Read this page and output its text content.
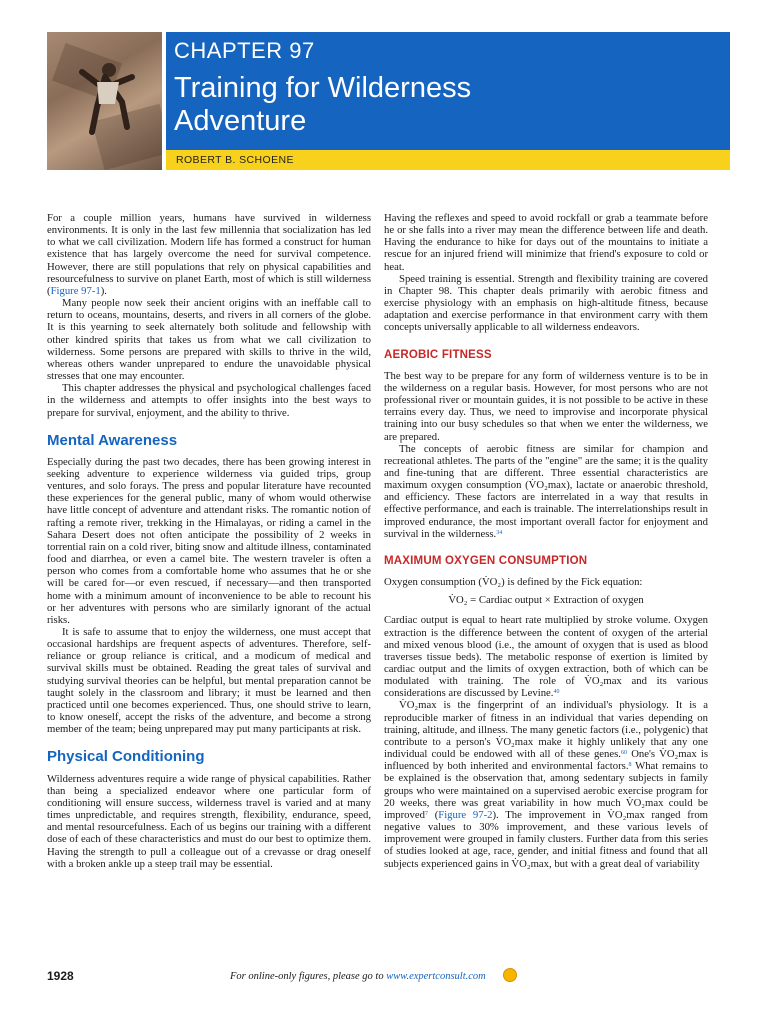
CHAPTER 97
Training for Wilderness
Adventure
ROBERT B. SCHOENE

For a couple million years, humans have survived in wilderness environments. It is only in the last few millennia that socialization has led to what we call civilization. Modern life has formed a construct for human existence that has largely overcome the need for survival competence. However, there are still populations that rely on physical capabilities and resourcefulness to survive on planet Earth, most of which is still wilderness (Figure 97-1).

Many people now seek their ancient origins with an ineffable call to return to oceans, mountains, deserts, and rivers in all corners of the globe. It is this yearning to seek alternately both solitude and fellowship with other kindred spirits that takes us from what we call civilization to wilderness. Some persons are prepared with skills to thrive in the wild, whereas others wander unprepared to endure the unavoidable physical stresses that one may encounter.

This chapter addresses the physical and psychological challenges faced in the wilderness and attempts to offer insights into the best ways to prepare for survival, enjoyment, and the ability to thrive.

Mental Awareness

Especially during the past two decades, there has been growing interest in seeking adventure to experience wilderness via guided trips, group ventures, and solo forays. The press and popular literature have recounted these experiences for the general public, many of whom would otherwise have little concept of adventure and attendant risks. The romantic notion of rafting a remote river, trekking in the Himalayas, or riding a camel in the Sahara Desert does not often anticipate the possibility of 2 weeks in torrential rain on a cold river, biting snow and altitude illness, contaminated food and diarrhea, or even a camel bite. The western traveler is often a person who comes from a comfortable home who assumes that he or she will be cared for—or even rescued, if necessary—and then transported home with a minimum amount of inconvenience to be able to recount his or her adventures with persons who are similarly ignorant of the actual risks.

It is safe to assume that to enjoy the wilderness, one must accept that occasional hardships are frequent aspects of adventures. Therefore, self-reliance or group reliance is critical, and a modicum of medical and survival skills must be obtained. Reading the great tales of survival and studying survival theories can be helpful, but mental preparation cannot be taught solely in the classroom and library; it must be learned and then practiced until one becomes experienced. Thus, one should strive to learn, to know oneself, accept the risks of the adventure, and become a strong member of the team; being unprepared may put many participants at risk.

Physical Conditioning

Wilderness adventures require a wide range of physical capabilities. Rather than being a specialized endeavor where one particular form of conditioning will ensure success, wilderness travel is varied and at many times unpredictable, and requires strength, flexibility, endurance, speed, and mental resourcefulness. Each of us begins our training with a different dose of each of these characteristics and must do our best to optimize them. Having the strength to pull a colleague out of a crevasse or drag oneself with a broken ankle up a steep trail may be essential.

Having the reflexes and speed to avoid rockfall or grab a teammate before he or she falls into a river may mean the difference between life and death. Having the endurance to hike for days out of the mountains to initiate a rescue for an injured friend will minimize that friend's exposure to cold or heat.

Speed training is essential. Strength and flexibility training are covered in Chapter 98. This chapter deals primarily with aerobic fitness and exercise physiology with an emphasis on high-altitude fitness, because adaptation and exercise performance in that environment carry with them concepts universally applicable to all wilderness endeavors.

AEROBIC FITNESS

The best way to be prepare for any form of wilderness venture is to be in the wilderness on a regular basis. However, for most persons who are not professional river or mountain guides, it is not possible to be active in these terrains every day. Thus, we need to improvise and incorporate physical training into our busy schedules so that when we enter the wilderness, we are prepared.

The concepts of aerobic fitness are similar for champion and recreational athletes. The parts of the "engine" are the same; it is the quality and fine-tuning that are different. Three essential characteristics are maximum oxygen consumption (V̇O₂max), lactate or anaerobic threshold, and efficiency. These factors are interrelated in a way that results in effective performance, and each is trainable. The interrelationships result in improved endurance, the most important overall factor for enjoyment and survival in the wilderness.$^{34}$

MAXIMUM OXYGEN CONSUMPTION

Oxygen consumption (V̇O₂) is defined by the Fick equation:

V̇O₂ = Cardiac output × Extraction of oxygen

Cardiac output is equal to heart rate multiplied by stroke volume. Oxygen extraction is the difference between the content of oxygen of the arterial and mixed venous blood (i.e., the amount of oxygen that is used as blood traverses tissue beds). The metabolic response of exertion is limited by cardiac output and the limits of oxygen extraction, both of which can be modulated with training. The role of V̇O₂max and its various considerations are discussed by Levine.$^{40}$

V̇O₂max is the fingerprint of an individual's physiology. It is a reproducible marker of fitness in an individual that varies depending on training, altitude, and illness. The many genetic factors (i.e., polygenic) that contribute to a person's V̇O₂max make it highly unlikely that any one individual could be endowed with all of these genes.$^{60}$ One's V̇O₂max is influenced by both inherited and environmental factors.$^8$ What remains to be explained is the observation that, among sedentary subjects in family groups who were maintained on a supervised aerobic exercise program for 20 weeks, there was great variability in how much V̇O₂max could be improved$^7$ (Figure 97-2). The improvement in V̇O₂max ranged from negative values to 30% improvement, and these various levels of improvement were grouped in family clusters. Further data from this series of studies looked at age, race, gender, and initial fitness and found that all subjects experienced gains in V̇O₂max, but with a great deal of variability

1928	For online-only figures, please go to www.expertconsult.com
